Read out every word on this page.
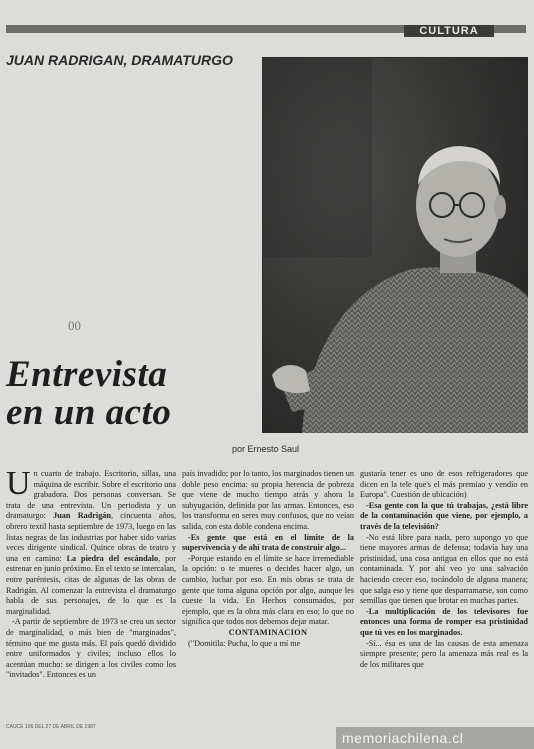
CULTURA
JUAN RADRIGAN, DRAMATURGO
00
Entrevista
en un acto
por Ernesto Saul

Un cuarto de trabajo. Escritorio, sillas, una máquina de escribir. Sobre el escritorio una grabadora. Dos personas conversan. Se trata de una entrevista. Un periodista y un dramaturgo: Juan Radrigán, cincuenta años, obrero textil hasta septiembre de 1973, luego en las listas negras de las industrias por haber sido varias veces dirigente sindical. Quince obras de teatro y una en camino: La piedra del escándalo, por estrenar en junio próximo. En el texto se intercalan, entre paréntesis, citas de algunas de las obras de Radrigán. Al comenzar la entrevista el dramaturgo habla de sus personajes, de lo que es la marginalidad.

-A partir de septiembre de 1973 se crea un sector de marginalidad, o más bien de "marginados", término que me gusta más. El país quedó dividido entre uniformados y civiles; incluso ellos lo acentúan mucho: se dirigen a los civiles como los "invitados". Entonces es un

país invadido; por lo tanto, los marginados tienen un doble peso encima: su propia herencia de pobreza que viene de mucho tiempo atrás y ahora la subyugación, definida por las armas. Entonces, eso los transforma en seres muy confusos, que no veían salida, con esta doble condena encima.

-Es gente que está en el límite de la supervivencia y de ahí trata de construir algo...

-Porque estando en el límite se hace irremediable la opción: o te mueres o decides hacer algo, un cambio, luchar por eso. En mis obras se trata de gente que toma alguna opción por algo, aunque les cueste la vida. En Hechos consumados, por ejemplo, que es la obra más clara en eso; lo que no significa que todos nos debemos dejar matar.

CONTAMINACION

("Domitila: Pucha, lo que a mí me

gustaría tener es uno de esos refrigeradores que dicen en la tele que's el más premiao y vendío en Europa". Cuestión de ubicación)

-Esa gente con la que tú trabajas, ¿está libre de la contaminación que viene, por ejemplo, a través de la televisión?

-No está libre para nada, pero supongo yo que tiene mayores armas de defensa; todavía hay una pristinidad, una cosa antigua en ellos que no está contaminada. Y por ahí veo yo una salvación haciendo crecer eso, tocándolo de alguna manera; que salga eso y tiene que desparramarse, son como semillas que tienen que brotar en muchas partes.

-La multiplicación de los televisores fue entonces una forma de romper esa pristinidad que tú ves en los marginados.

-Sí... ésa es una de las causas de esta amenaza siempre presente; pero la amenaza más real es la de los militares que

CAUCE 106 DEL 27 DE ABRIL DE 1987
memoriachilena.cl
